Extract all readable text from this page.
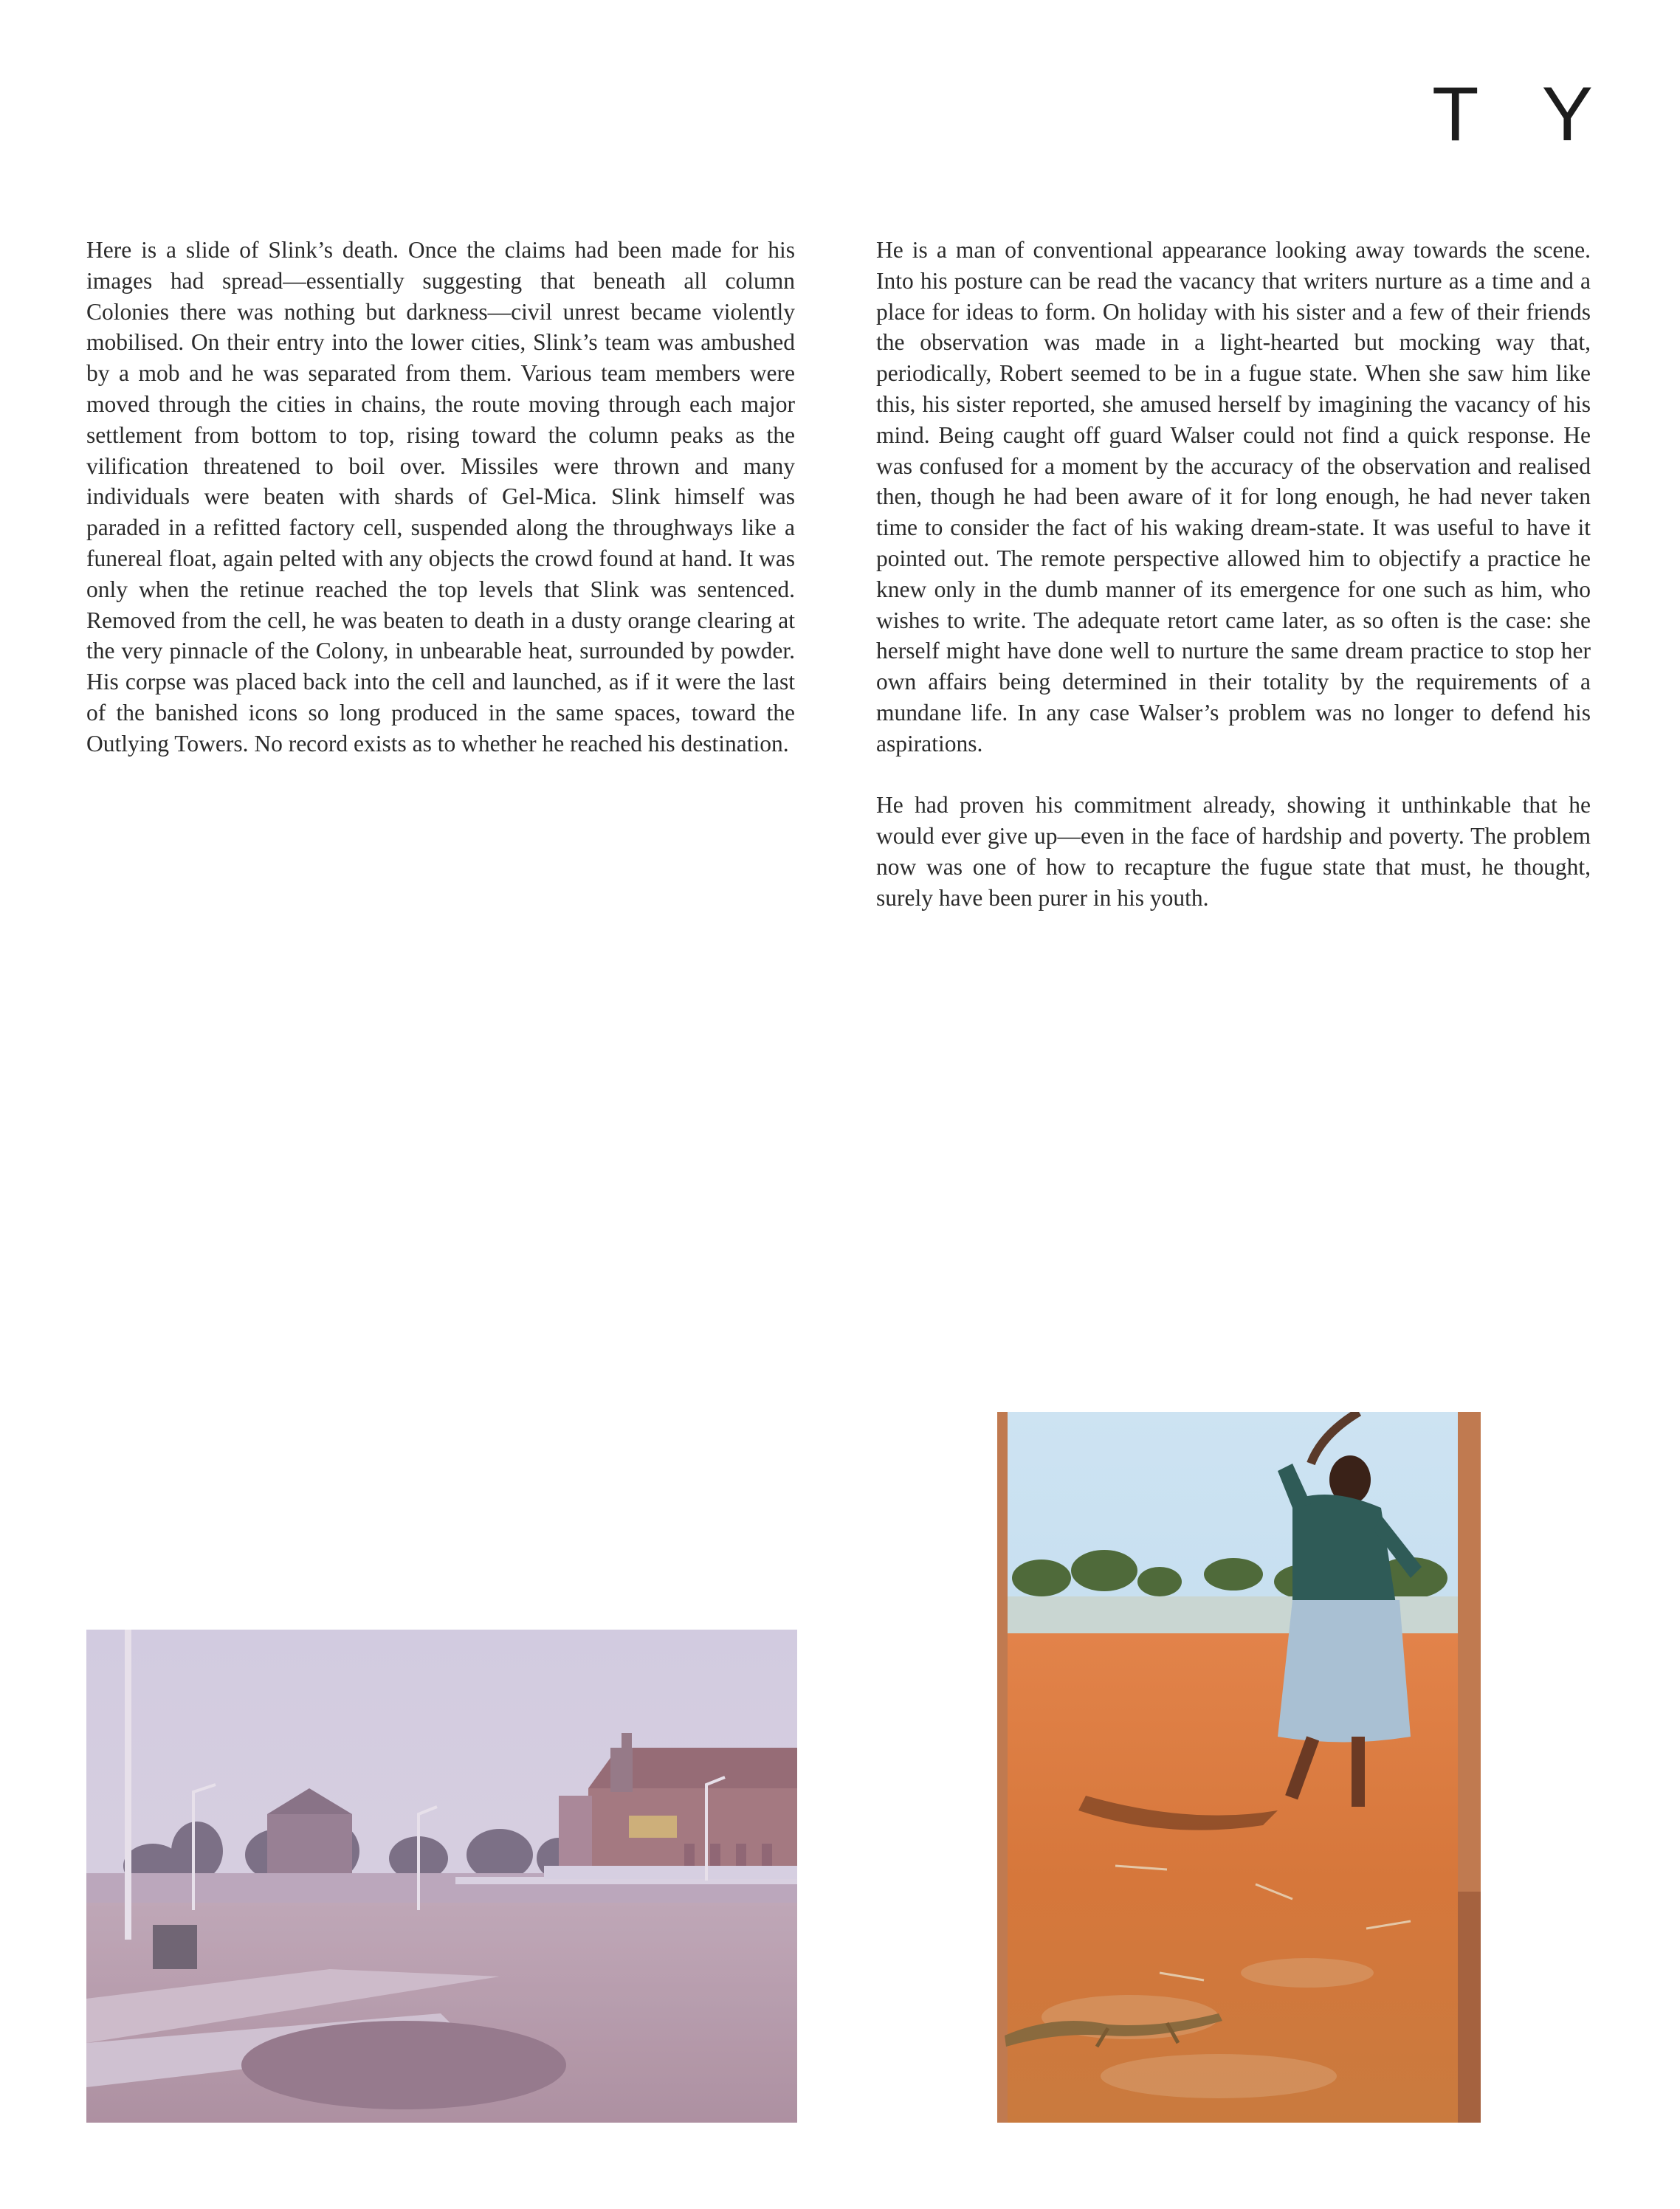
T Y

Here is a slide of Slink’s death. Once the claims had been made for his images had spread—essentially suggesting that beneath all column Colonies there was nothing but darkness—civil unrest became violently mobilised. On their entry into the lower cities, Slink’s team was ambushed by a mob and he was separated from them. Various team members were moved through the cities in chains, the route moving through each major settlement from bottom to top, rising toward the column peaks as the vilification threatened to boil over. Missiles were thrown and many individuals were beaten with shards of Gel-Mica. Slink himself was paraded in a refitted factory cell, suspended along the throughways like a funereal float, again pelted with any objects the crowd found at hand. It was only when the retinue reached the top levels that Slink was sentenced. Removed from the cell, he was beaten to death in a dusty orange clearing at the very pinnacle of the Colony, in unbearable heat, surrounded by powder. His corpse was placed back into the cell and launched, as if it were the last of the banished icons so long produced in the same spaces, toward the Outlying Towers. No record exists as to whether he reached his destination.

He is a man of conventional appearance looking away towards the scene. Into his posture can be read the vacancy that writers nurture as a time and a place for ideas to form. On holiday with his sister and a few of their friends the observation was made in a light-hearted but mocking way that, periodically, Robert seemed to be in a fugue state. When she saw him like this, his sister reported, she amused herself by imagining the vacancy of his mind. Being caught off guard Walser could not find a quick response. He was confused for a moment by the accuracy of the observation and realised then, though he had been aware of it for long enough, he had never taken time to consider the fact of his waking dream-state. It was useful to have it pointed out. The remote perspective allowed him to objectify a practice he knew only in the dumb manner of its emergence for one such as him, who wishes to write. The adequate retort came later, as so often is the case: she herself might have done well to nurture the same dream practice to stop her own affairs being determined in their totality by the requirements of a mundane life. In any case Walser’s problem was no longer to defend his aspirations.

He had proven his commitment already, showing it unthinkable that he would ever give up—even in the face of hardship and poverty. The problem now was one of how to recapture the fugue state that must, he thought, surely have been purer in his youth.
